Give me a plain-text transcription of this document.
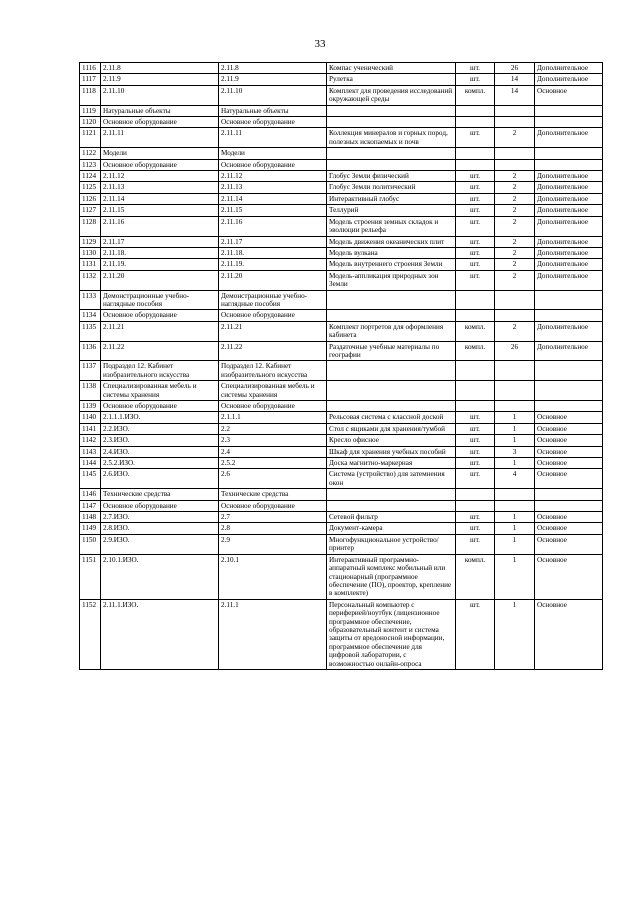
33
1116	2.11.8	2.11.8	Компас ученический	шт.	26	Дополнительное
1117	2.11.9	2.11.9	Рулетка	шт.	14	Дополнительное
1118	2.11.10	2.11.10	Комплект для проведения исследований окружающей среды	компл.	14	Основное
1119	Натуральные объекты	Натуральные объекты				
1120	Основное оборудование	Основное оборудование				
1121	2.11.11	2.11.11	Коллекция минералов и горных пород, полезных ископаемых и почв	шт.	2	Дополнительное
1122	Модели	Модели				
1123	Основное оборудование	Основное оборудование				
1124	2.11.12	2.11.12	Глобус Земли физический	шт.	2	Дополнительное
1125	2.11.13	2.11.13	Глобус Земли политический	шт.	2	Дополнительное
1126	2.11.14	2.11.14	Интерактивный глобус	шт.	2	Дополнительное
1127	2.11.15	2.11.15	Теллурий	шт.	2	Дополнительное
1128	2.11.16	2.11.16	Модель строения земных складок и эволюции рельефа	шт.	2	Дополнительное
1129	2.11.17	2.11.17	Модель движения океанических плит	шт.	2	Дополнительное
1130	2.11.18.	2.11.18.	Модель вулкана	шт.	2	Дополнительное
1131	2.11.19.	2.11.19.	Модель внутреннего строения Земли	шт.	2	Дополнительное
1132	2.11.20	2.11.20	Модель-аппликация природных зон Земли	шт.	2	Дополнительное
1133	Демонстрационные учебно-наглядные пособия	Демонстрационные учебно-наглядные пособия				
1134	Основное оборудование	Основное оборудование				
1135	2.11.21	2.11.21	Комплект портретов для оформления кабинета	компл.	2	Дополнительное
1136	2.11.22	2.11.22	Раздаточные учебные материалы по географии	компл.	26	Дополнительное
1137	Подраздел 12. Кабинет изобразительного искусства	Подраздел 12. Кабинет изобразительного искусства				
1138	Специализированная мебель и системы хранения	Специализированная мебель и системы хранения				
1139	Основное оборудование	Основное оборудование				
1140	2.1.1.1.ИЗО.	2.1.1.1	Рельсовая система с классной доской	шт.	1	Основное
1141	2.2.ИЗО.	2.2	Стол с ящиками для хранения/тумбой	шт.	1	Основное
1142	2.3.ИЗО.	2.3	Кресло офисное	шт.	1	Основное
1143	2.4.ИЗО.	2.4	Шкаф для хранения учебных пособий	шт.	3	Основное
1144	2.5.2.ИЗО.	2.5.2	Доска магнитно-маркерная	шт.	1	Основное
1145	2.6.ИЗО.	2.6	Система (устройство) для затемнения окон	шт.	4	Основное
1146	Технические средства	Технические средства				
1147	Основное оборудование	Основное оборудование				
1148	2.7.ИЗО.	2.7	Сетевой фильтр	шт.	1	Основное
1149	2.8.ИЗО.	2.8	Документ-камера	шт.	1	Основное
1150	2.9.ИЗО.	2.9	Многофункциональное устройство/принтер	шт.	1	Основное
1151	2.10.1.ИЗО.	2.10.1	Интерактивный программно-аппаратный комплекс мобильный или стационарный (программное обеспечение (ПО), проектор, крепление в комплекте)	компл.	1	Основное
1152	2.11.1.ИЗО.	2.11.1	Персональный компьютер с периферией/ноутбук (лицензионное программное обеспечение, образовательный контент и система защиты от вредоносной информации, программное обеспечение для цифровой лаборатории, с возможностью онлайн-опроса	шт.	1	Основное
